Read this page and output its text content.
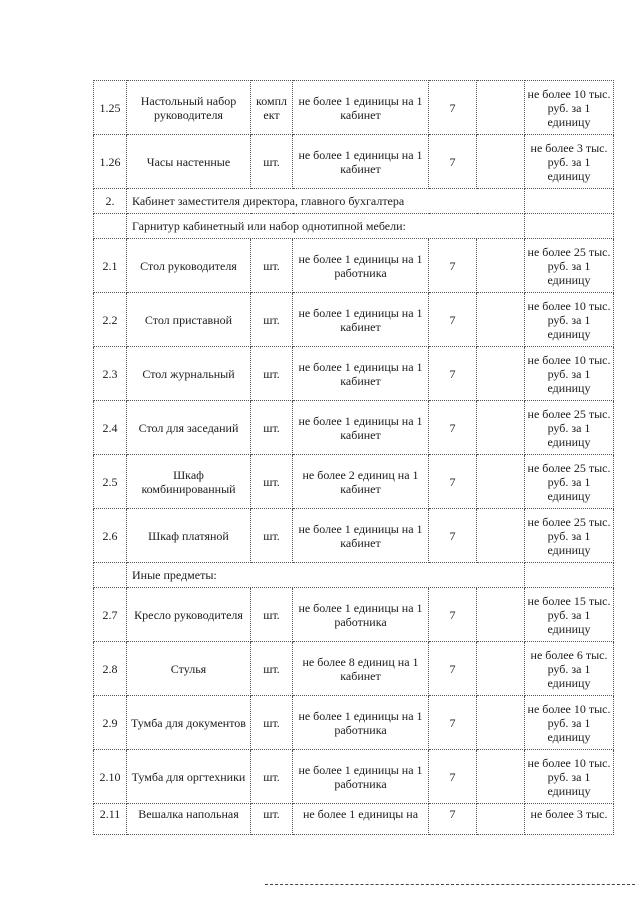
1.25	Настольный набор руководителя	компл ект	не более 1 единицы на 1 кабинет	7		не более 10 тыс. руб. за 1 единицу
1.26	Часы настенные	шт.	не более 1 единицы на 1 кабинет	7		не более 3 тыс. руб. за 1 единицу
2.	Кабинет заместителя директора, главного бухгалтера					
	Гарнитур кабинетный или набор однотипной мебели:					
2.1	Стол руководителя	шт.	не более 1 единицы на 1 работника	7		не более 25 тыс. руб. за 1 единицу
2.2	Стол приставной	шт.	не более 1 единицы на 1 кабинет	7		не более 10 тыс. руб. за 1 единицу
2.3	Стол журнальный	шт.	не более 1 единицы на 1 кабинет	7		не более 10 тыс. руб. за 1 единицу
2.4	Стол для заседаний	шт.	не более 1 единицы на 1 кабинет	7		не более 25 тыс. руб. за 1 единицу
2.5	Шкаф комбинированный	шт.	не более 2 единиц на 1 кабинет	7		не более 25 тыс. руб. за 1 единицу
2.6	Шкаф платяной	шт.	не более 1 единицы на 1 кабинет	7		не более 25 тыс. руб. за 1 единицу
	Иные предметы:					
2.7	Кресло руководителя	шт.	не более 1 единицы на 1 работника	7		не более 15 тыс. руб. за 1 единицу
2.8	Стулья	шт.	не более 8 единиц на 1 кабинет	7		не более 6 тыс. руб. за 1 единицу
2.9	Тумба для документов	шт.	не более 1 единицы на 1 работника	7		не более 10 тыс. руб. за 1 единицу
2.10	Тумба для оргтехники	шт.	не более 1 единицы на 1 работника	7		не более 10 тыс. руб. за 1 единицу
2.11	Вешалка напольная	шт.	не более 1 единицы на	7		не более 3 тыс.
